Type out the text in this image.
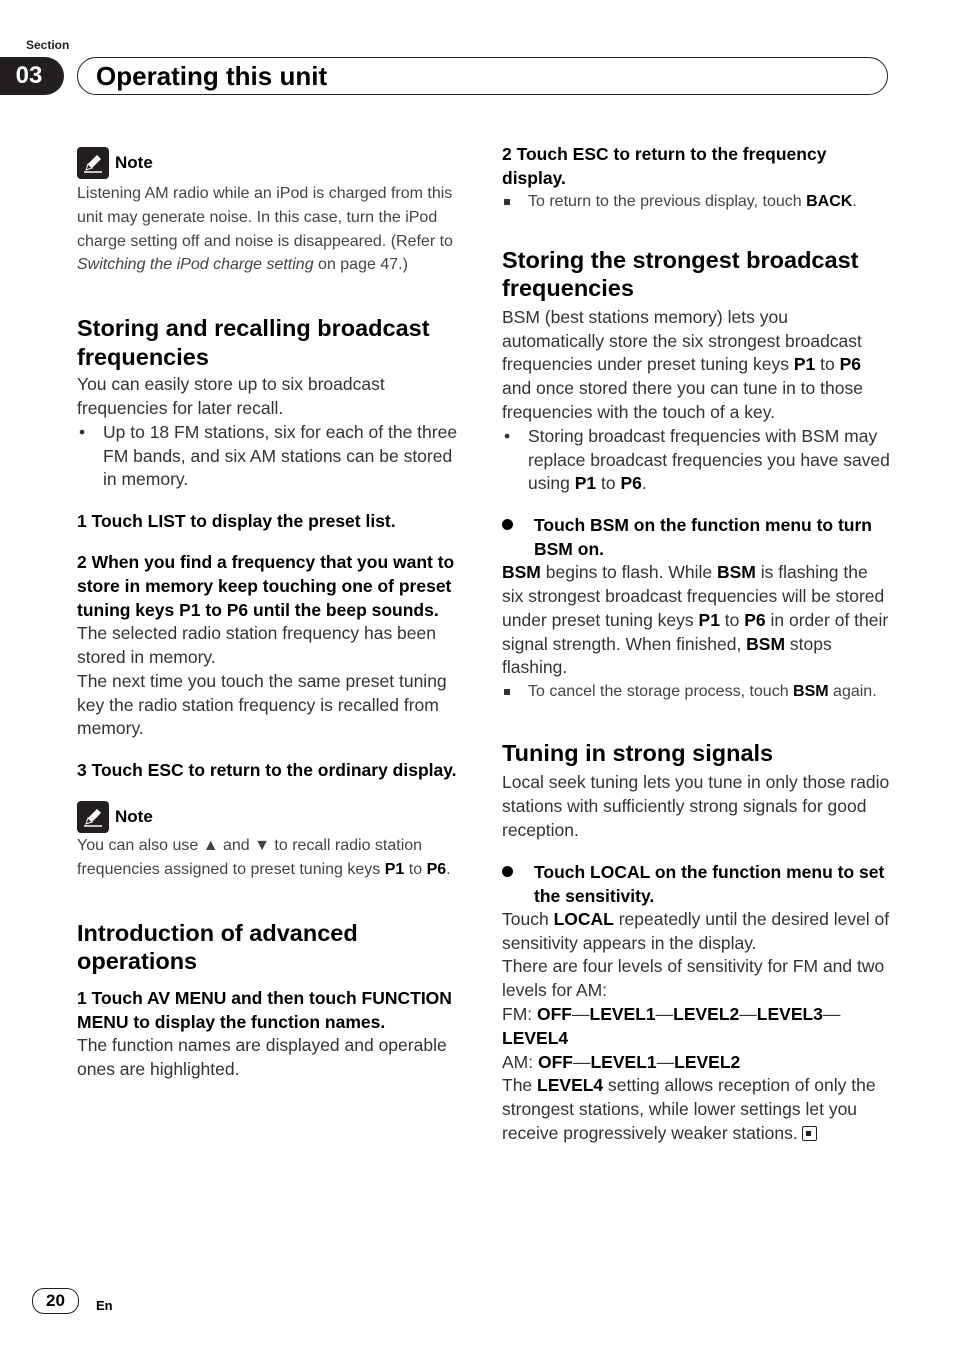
Section
03	Operating this unit
Note
Listening AM radio while an iPod is charged from this unit may generate noise. In this case, turn the iPod charge setting off and noise is disappeared. (Refer to Switching the iPod charge setting on page 47.)
Storing and recalling broadcast frequencies
You can easily store up to six broadcast frequencies for later recall.
• Up to 18 FM stations, six for each of the three FM bands, and six AM stations can be stored in memory.
1 Touch LIST to display the preset list.
2 When you find a frequency that you want to store in memory keep touching one of preset tuning keys P1 to P6 until the beep sounds.
The selected radio station frequency has been stored in memory.
The next time you touch the same preset tuning key the radio station frequency is recalled from memory.
3 Touch ESC to return to the ordinary display.
Note
You can also use ▲ and ▼ to recall radio station frequencies assigned to preset tuning keys P1 to P6.
Introduction of advanced operations
1 Touch AV MENU and then touch FUNCTION MENU to display the function names.
The function names are displayed and operable ones are highlighted.
2 Touch ESC to return to the frequency display.
To return to the previous display, touch BACK.
Storing the strongest broadcast frequencies
BSM (best stations memory) lets you automatically store the six strongest broadcast frequencies under preset tuning keys P1 to P6 and once stored there you can tune in to those frequencies with the touch of a key.
• Storing broadcast frequencies with BSM may replace broadcast frequencies you have saved using P1 to P6.
Touch BSM on the function menu to turn BSM on.
BSM begins to flash. While BSM is flashing the six strongest broadcast frequencies will be stored under preset tuning keys P1 to P6 in order of their signal strength. When finished, BSM stops flashing.
To cancel the storage process, touch BSM again.
Tuning in strong signals
Local seek tuning lets you tune in only those radio stations with sufficiently strong signals for good reception.
Touch LOCAL on the function menu to set the sensitivity.
Touch LOCAL repeatedly until the desired level of sensitivity appears in the display.
There are four levels of sensitivity for FM and two levels for AM:
FM: OFF—LEVEL1—LEVEL2—LEVEL3—
LEVEL4
AM: OFF—LEVEL1—LEVEL2
The LEVEL4 setting allows reception of only the strongest stations, while lower settings let you receive progressively weaker stations.
20	En
